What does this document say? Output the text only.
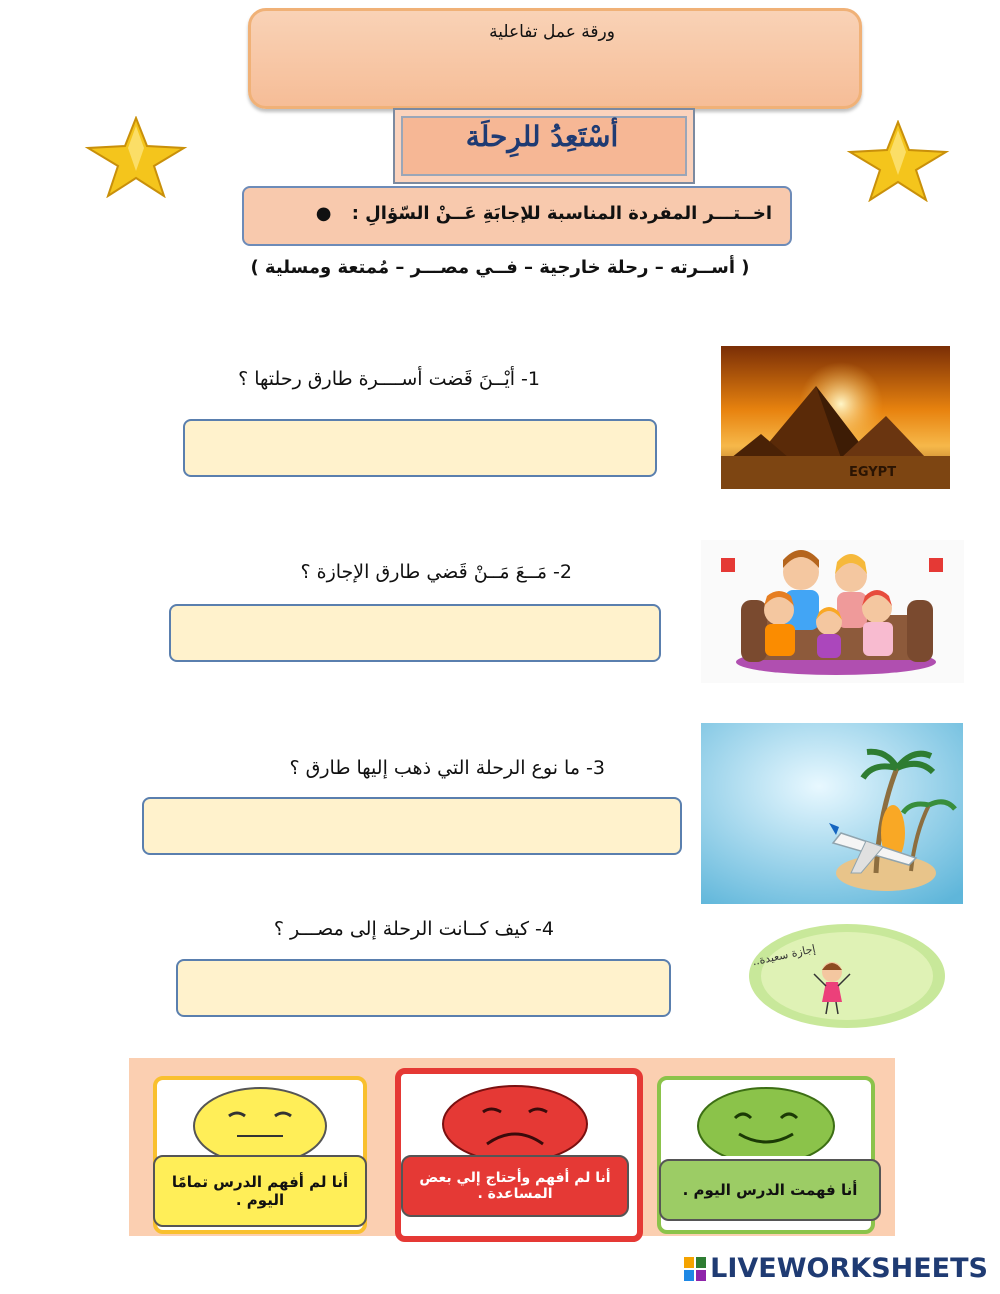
ورقة عمل تفاعلية
أسْتَعِدُ للرِحلَة
اخــتـــر المفردة المناسبة للإجابَةِ عَــنْ السّؤالِ : ●
( أســرته – رحلة خارجية – فــي مصـــر – مُمتعة ومسلية )
1- أيْــنَ قَضت أســــرة طارق رحلتها ؟
EGYPT
2- مَــعَ مَــنْ قَضي طارق الإجازة ؟
3- ما نوع الرحلة التي ذهب إليها طارق ؟
4- كيف كــانت الرحلة إلى مصـــر ؟
إجازة سعيدة..
أنا لم أفهم الدرس تمامًا اليوم .
أنا لم أفهم وأحتاج إلي بعض المساعدة .	أنا فهمت الدرس اليوم .
LIVEWORKSHEETS
